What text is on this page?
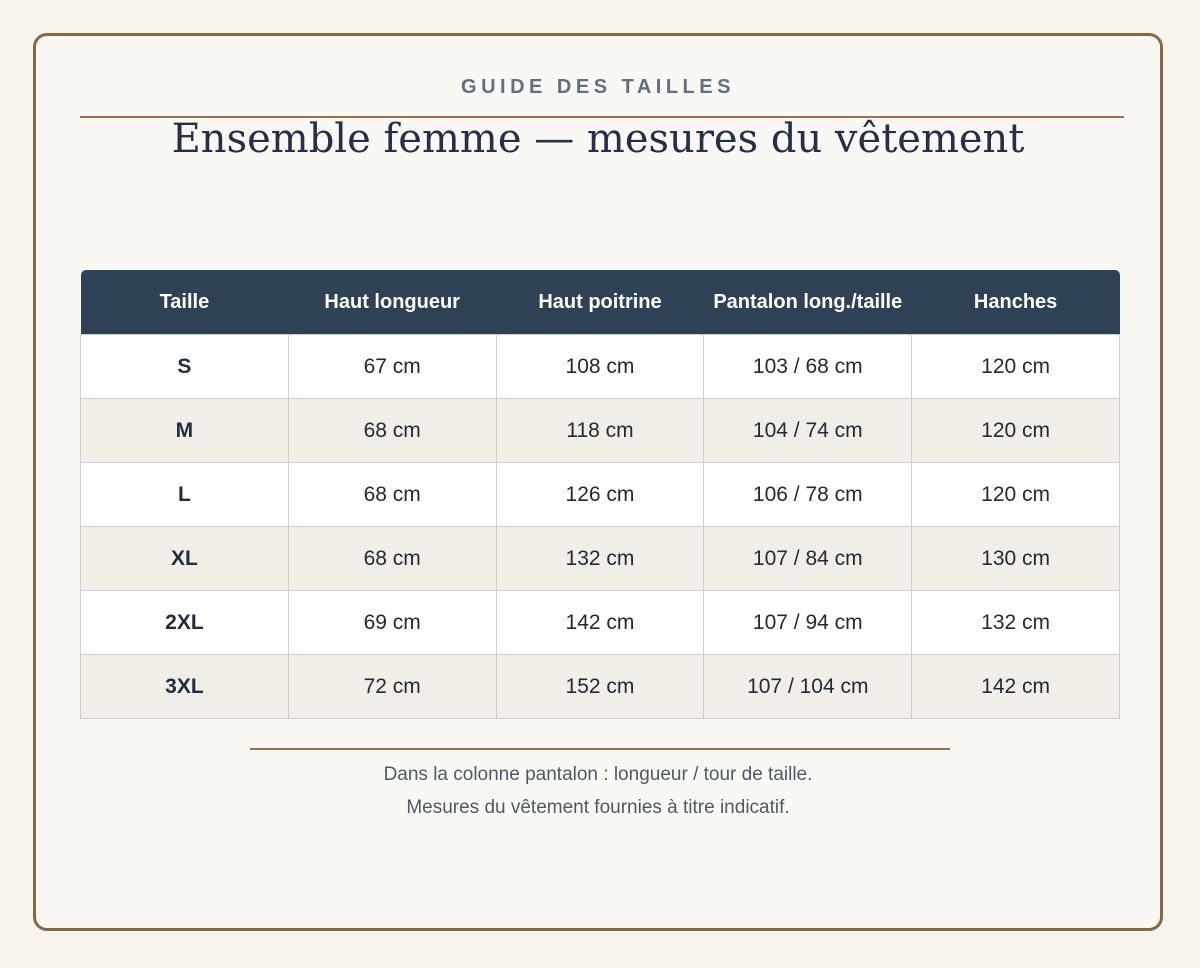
GUIDE DES TAILLES
Ensemble femme — mesures du vêtement
Taille	Haut longueur	Haut poitrine	Pantalon long./taille	Hanches
S	67 cm	108 cm	103 / 68 cm	120 cm
M	68 cm	118 cm	104 / 74 cm	120 cm
L	68 cm	126 cm	106 / 78 cm	120 cm
XL	68 cm	132 cm	107 / 84 cm	130 cm
2XL	69 cm	142 cm	107 / 94 cm	132 cm
3XL	72 cm	152 cm	107 / 104 cm	142 cm
Dans la colonne pantalon : longueur / tour de taille.
Mesures du vêtement fournies à titre indicatif.
